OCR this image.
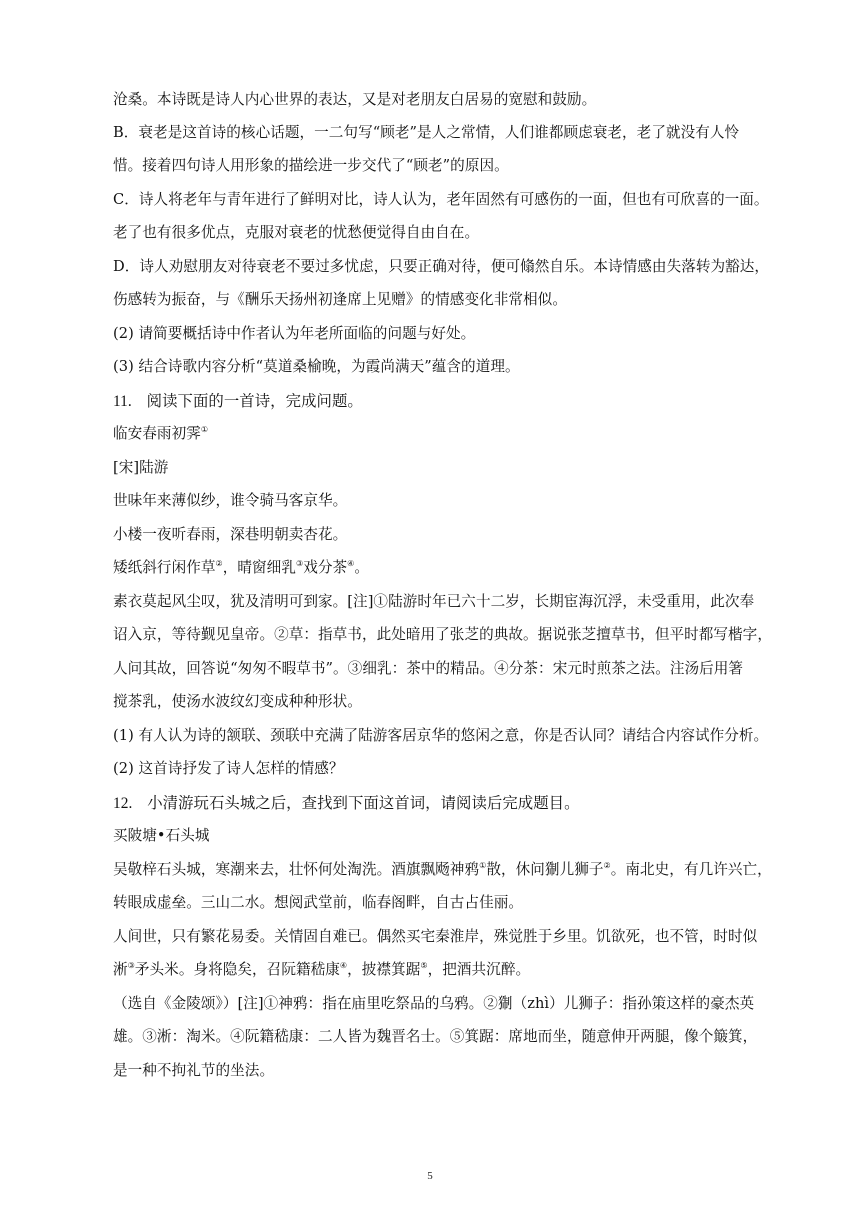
沧桑。本诗既是诗人内心世界的表达，又是对老朋友白居易的宽慰和鼓励。
B．衰老是这首诗的核心话题，一二句写“顾老”是人之常情，人们谁都顾虑衰老，老了就没有人怜
惜。接着四句诗人用形象的描绘进一步交代了“顾老”的原因。
C．诗人将老年与青年进行了鲜明对比，诗人认为，老年固然有可感伤的一面，但也有可欣喜的一面。
老了也有很多优点，克服对衰老的忧愁便觉得自由自在。
D．诗人劝慰朋友对待衰老不要过多忧虑，只要正确对待，便可翛然自乐。本诗情感由失落转为豁达，
伤感转为振奋，与《酬乐天扬州初逢席上见赠》的情感变化非常相似。
(2) 请简要概括诗中作者认为年老所面临的问题与好处。
(3) 结合诗歌内容分析“莫道桑榆晚，为霞尚满天”蕴含的道理。
11. 阅读下面的一首诗，完成问题。
临安春雨初霁①
[宋]陆游
世味年来薄似纱，谁令骑马客京华。
小楼一夜听春雨，深巷明朝卖杏花。
矮纸斜行闲作草②，晴窗细乳③戏分茶④。
素衣莫起风尘叹，犹及清明可到家。[注]①陆游时年已六十二岁，长期宦海沉浮，未受重用，此次奉
诏入京，等待觐见皇帝。②草：指草书，此处暗用了张芝的典故。据说张芝擅草书，但平时都写楷字，
人问其故，回答说“匆匆不暇草书”。③细乳：茶中的精品。④分茶：宋元时煎茶之法。注汤后用箸
搅茶乳，使汤水波纹幻变成种种形状。
(1) 有人认为诗的颔联、颈联中充满了陆游客居京华的悠闲之意，你是否认同？请结合内容试作分析。
(2) 这首诗抒发了诗人怎样的情感？
12. 小清游玩石头城之后，查找到下面这首词，请阅读后完成题目。
买陂塘•石头城
吴敬梓石头城，寒潮来去，壮怀何处淘洗。酒旗飘飏神鸦①散，休问猘儿狮子②。南北史，有几许兴亡，
转眼成虚垒。三山二水。想阅武堂前，临春阁畔，自古占佳丽。
人间世，只有繁花易委。关情固自难已。偶然买宅秦淮岸，殊觉胜于乡里。饥欲死，也不管，时时似
淅③矛头米。身将隐矣，召阮籍嵇康④，披襟箕踞⑤，把酒共沉醉。
（选自《金陵颂》）[注]①神鸦：指在庙里吃祭品的乌鸦。②猘（zhì）儿狮子：指孙策这样的豪杰英
雄。③淅：淘米。④阮籍嵇康：二人皆为魏晋名士。⑤箕踞：席地而坐，随意伸开两腿，像个簸箕，
是一种不拘礼节的坐法。
5
